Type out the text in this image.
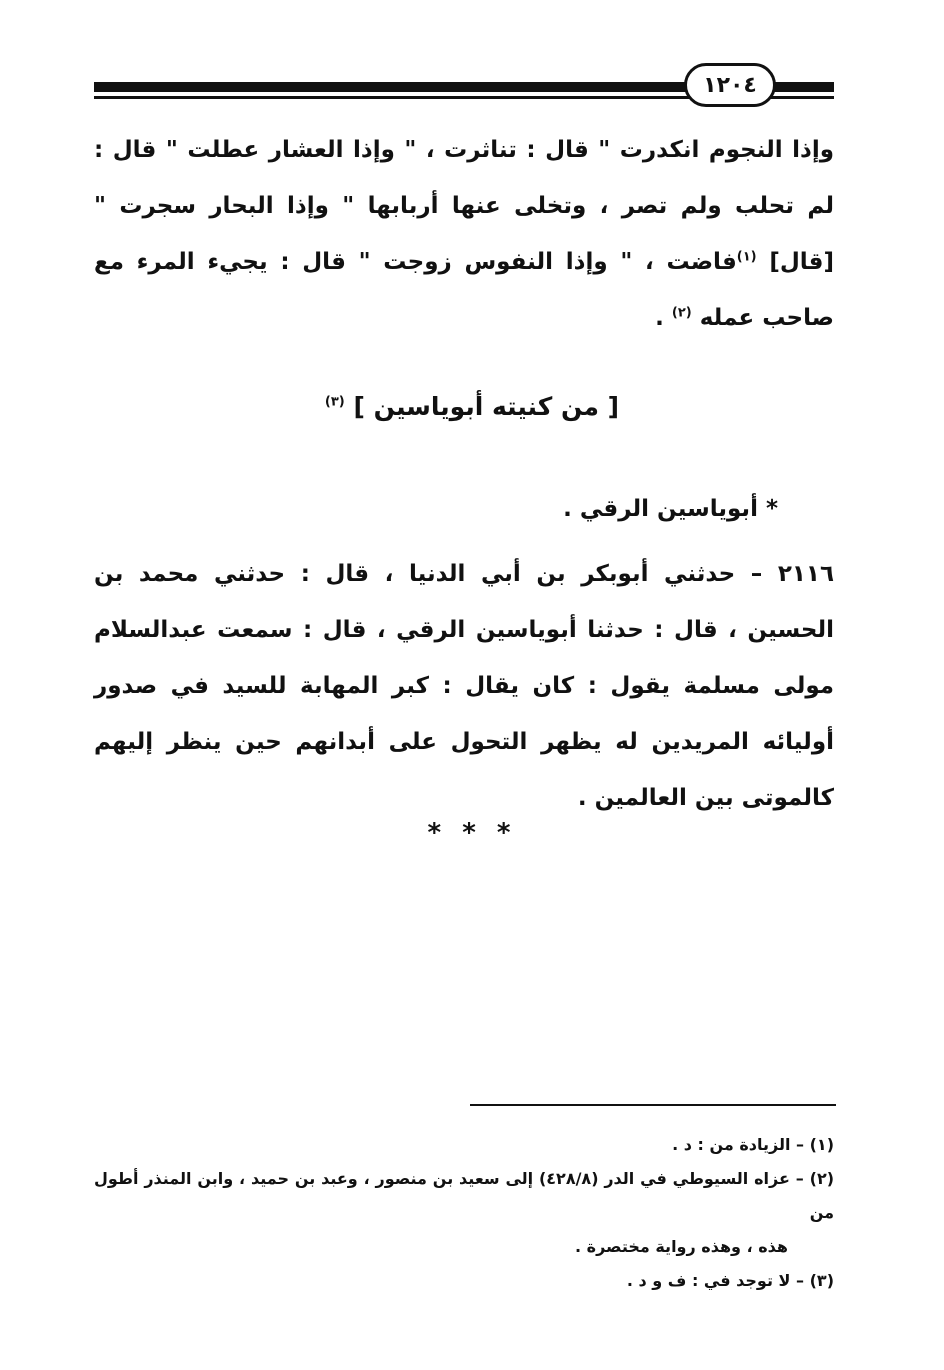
١٢٠٤
وإذا النجوم انكدرت " قال : تناثرت ، " وإذا العشار عطلت " قال : لم تحلب ولم تصر ، وتخلى عنها أربابها " وإذا البحار سجرت " [قال] $^{(١)}$فاضت ، " وإذا النفوس زوجت " قال : يجيء المرء مع صاحب عمله $^{(٢)}$ .
[ من كنيته أبوياسين ] $^{(٣)}$
* أبوياسين الرقي .
٢١١٦ – حدثني أبوبكر بن أبي الدنيا ، قال : حدثني محمد بن الحسين ، قال : حدثنا أبوياسين الرقي ، قال : سمعت عبدالسلام مولى مسلمة يقول : كان يقال : كبر المهابة للسيد في صدور أوليائه المريدين له يظهر التحول على أبدانهم حين ينظر إليهم كالموتى بين العالمين .
* * *
(١) – الزيادة من : د .
(٢) – عزاه السيوطي في الدر (٤٢٨/٨) إلى سعيد بن منصور ، وعبد بن حميد ، وابن المنذر أطول من
هذه ، وهذه رواية مختصرة .
(٣) – لا توجد في : ف و د .
